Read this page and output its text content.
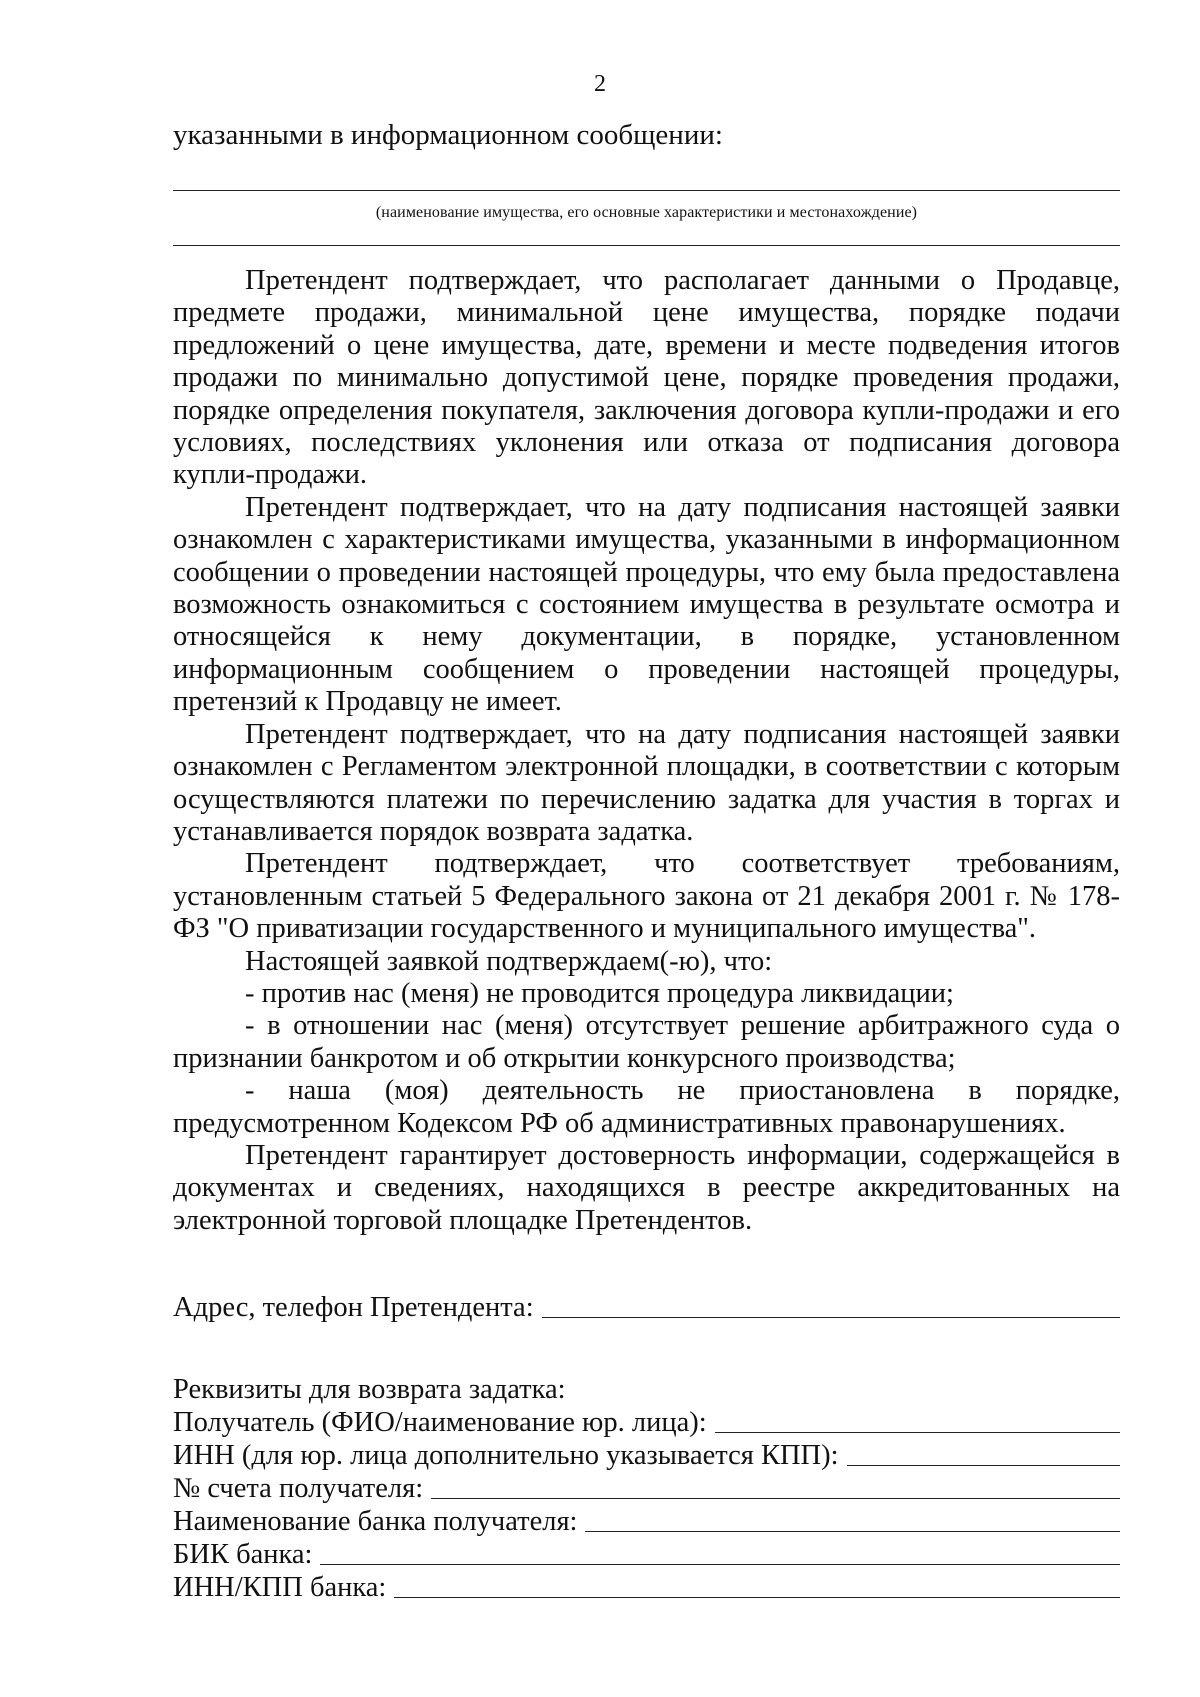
2
указанными в информационном сообщении:
(наименование имущества, его основные характеристики и местонахождение)

Претендент подтверждает, что располагает данными о Продавце, предмете продажи, минимальной цене имущества, порядке подачи предложений о цене имущества, дате, времени и месте подведения итогов продажи по минимально допустимой цене, порядке проведения продажи, порядке определения покупателя, заключения договора купли-продажи и его условиях, последствиях уклонения или отказа от подписания договора купли-продажи.

Претендент подтверждает, что на дату подписания настоящей заявки ознакомлен с характеристиками имущества, указанными в информационном сообщении о проведении настоящей процедуры, что ему была предоставлена возможность ознакомиться с состоянием имущества в результате осмотра и относящейся к нему документации, в порядке, установленном информационным сообщением о проведении настоящей процедуры, претензий к Продавцу не имеет.

Претендент подтверждает, что на дату подписания настоящей заявки ознакомлен с Регламентом электронной площадки, в соответствии с которым осуществляются платежи по перечислению задатка для участия в торгах и устанавливается порядок возврата задатка.

Претендент подтверждает, что соответствует требованиям, установленным статьей 5 Федерального закона от 21 декабря 2001 г. № 178-ФЗ "О приватизации государственного и муниципального имущества".

Настоящей заявкой подтверждаем(-ю), что:

- против нас (меня) не проводится процедура ликвидации;

- в отношении нас (меня) отсутствует решение арбитражного суда о признании банкротом и об открытии конкурсного производства;

- наша (моя) деятельность не приостановлена в порядке, предусмотренном Кодексом РФ об административных правонарушениях.

Претендент гарантирует достоверность информации, содержащейся в документах и сведениях, находящихся в реестре аккредитованных на электронной торговой площадке Претендентов.

Адрес, телефон Претендента:
Реквизиты для возврата задатка:
Получатель (ФИО/наименование юр. лица):
ИНН (для юр. лица дополнительно указывается КПП):
№ счета получателя:
Наименование банка получателя:
БИК банка:
ИНН/КПП банка:
